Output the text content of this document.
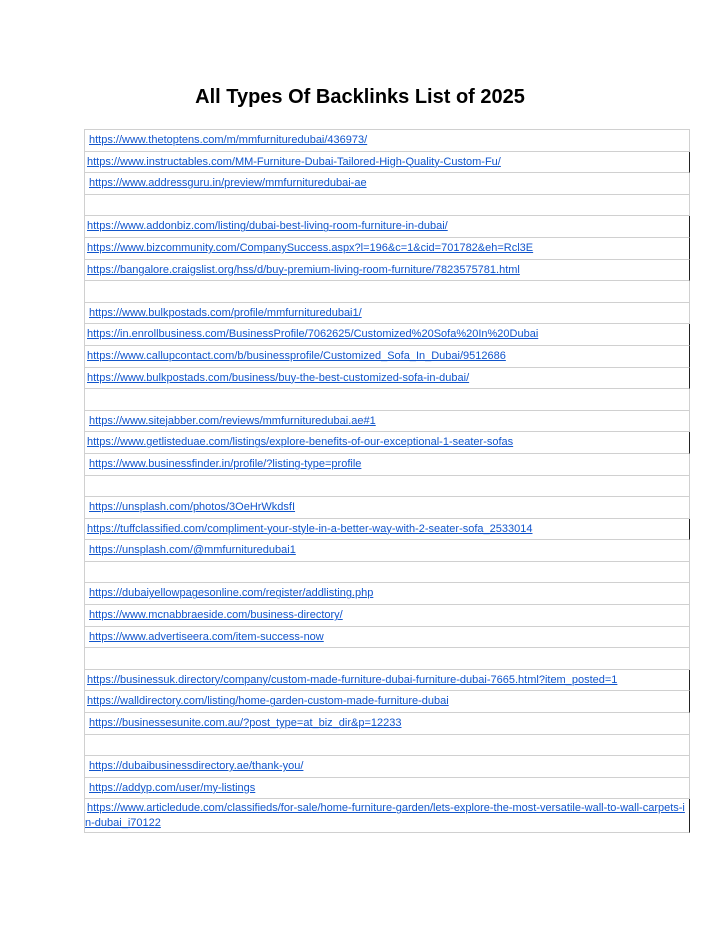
All Types Of Backlinks List of 2025
https://www.thetoptens.com/m/mmfurnituredubai/436973/
https://www.instructables.com/MM-Furniture-Dubai-Tailored-High-Quality-Custom-Fu/
https://www.addressguru.in/preview/mmfurnituredubai-ae
https://www.addonbiz.com/listing/dubai-best-living-room-furniture-in-dubai/
https://www.bizcommunity.com/CompanySuccess.aspx?l=196&c=1&cid=701782&eh=Rcl3E
https://bangalore.craigslist.org/hss/d/buy-premium-living-room-furniture/7823575781.html
https://www.bulkpostads.com/profile/mmfurnituredubai1/
https://in.enrollbusiness.com/BusinessProfile/7062625/Customized%20Sofa%20In%20Dubai
https://www.callupcontact.com/b/businessprofile/Customized_Sofa_In_Dubai/9512686
https://www.bulkpostads.com/business/buy-the-best-customized-sofa-in-dubai/
https://www.sitejabber.com/reviews/mmfurnituredubai.ae#1
https://www.getlisteduae.com/listings/explore-benefits-of-our-exceptional-1-seater-sofas
https://www.businessfinder.in/profile/?listing-type=profile
https://unsplash.com/photos/3OeHrWkdsfI
https://tuffclassified.com/compliment-your-style-in-a-better-way-with-2-seater-sofa_2533014
https://unsplash.com/@mmfurnituredubai1
https://dubaiyellowpagesonline.com/register/addlisting.php
https://www.mcnabbraeside.com/business-directory/
https://www.advertiseera.com/item-success-now
https://businessuk.directory/company/custom-made-furniture-dubai-furniture-dubai-7665.html?item_posted=1
https://walldirectory.com/listing/home-garden-custom-made-furniture-dubai
https://businessesunite.com.au/?post_type=at_biz_dir&p=12233
https://dubaibusinessdirectory.ae/thank-you/
https://addyp.com/user/my-listings
https://www.articledude.com/classifieds/for-sale/home-furniture-garden/lets-explore-the-most-versatile-wall-to-wall-carpets-in-dubai_i70122
